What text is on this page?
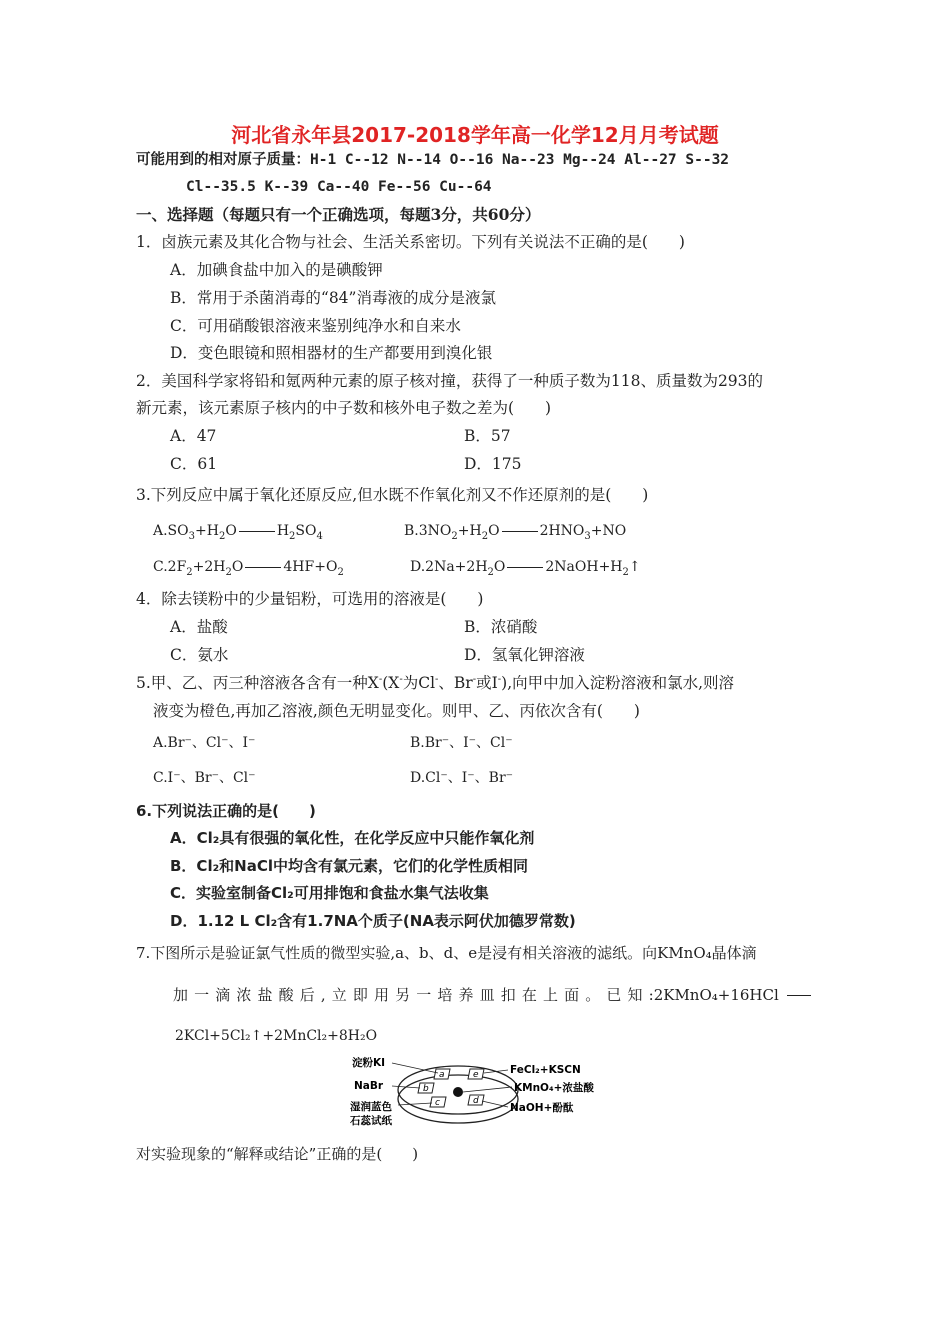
河北省永年县2017-2018学年高一化学12月月考试题
可能用到的相对原子质量：H-1 C--12 N--14 O--16 Na--23 Mg--24 Al--27 S--32
Cl--35.5 K--39 Ca--40 Fe--56 Cu--64
一、选择题（每题只有一个正确选项，每题3分，共60分）
1．卤族元素及其化合物与社会、生活关系密切。下列有关说法不正确的是(　　)
A．加碘食盐中加入的是碘酸钾
B．常用于杀菌消毒的“84”消毒液的成分是液氯
C．可用硝酸银溶液来鉴别纯净水和自来水
D．变色眼镜和照相器材的生产都要用到溴化银
2．美国科学家将铅和氪两种元素的原子核对撞，获得了一种质子数为118、质量数为293的
新元素，该元素原子核内的中子数和核外电子数之差为(　　)
A．47	B．57
C．61	D．175
3.下列反应中属于氧化还原反应,但水既不作氧化剂又不作还原剂的是(　　)
$A.SO_3+H_2O$	$H_2SO_4$	$B.3NO_2+H_2O$	$2HNO_3+NO$
$C.2F_2+2H_2O$	$4HF+O_2$	$D.2Na+2H_2O$	$2NaOH+H_2↑$
4．除去镁粉中的少量铝粉，可选用的溶液是(　　)
A．盐酸	B．浓硝酸
C．氨水	D．氢氧化钾溶液
5.甲、乙、丙三种溶液各含有一种X-(X-为Cl-、Br-或I-),向甲中加入淀粉溶液和氯水,则溶
液变为橙色,再加乙溶液,颜色无明显变化。则甲、乙、丙依次含有(　　)
A.Br⁻、Cl⁻、I⁻	B.Br⁻、I⁻、Cl⁻
C.I⁻、Br⁻、Cl⁻	D.Cl⁻、I⁻、Br⁻
6.下列说法正确的是(　　)
A．Cl₂具有很强的氧化性，在化学反应中只能作氧化剂
B．Cl₂和NaCl中均含有氯元素，它们的化学性质相同
C．实验室制备Cl₂可用排饱和食盐水集气法收集
D．1.12 L Cl₂含有1.7NA个质子(NA表示阿伏加德罗常数)
7.下图所示是验证氯气性质的微型实验,a、b、d、e是浸有相关溶液的滤纸。向KMnO₄晶体滴
加 一 滴 浓 盐 酸 后 , 立 即 用 另 一 培 养 皿 扣 在 上 面 。 已 知 :2KMnO₄+16HCl
2KCl+5Cl₂↑+2MnCl₂+8H₂O
a
b
c	d
e
淀粉KI
NaBr
湿润蓝色
石蕊试纸
FeCl₂+KSCN
KMnO₄+浓盐酸
NaOH+酚酞
对实验现象的“解释或结论”正确的是(　　)
